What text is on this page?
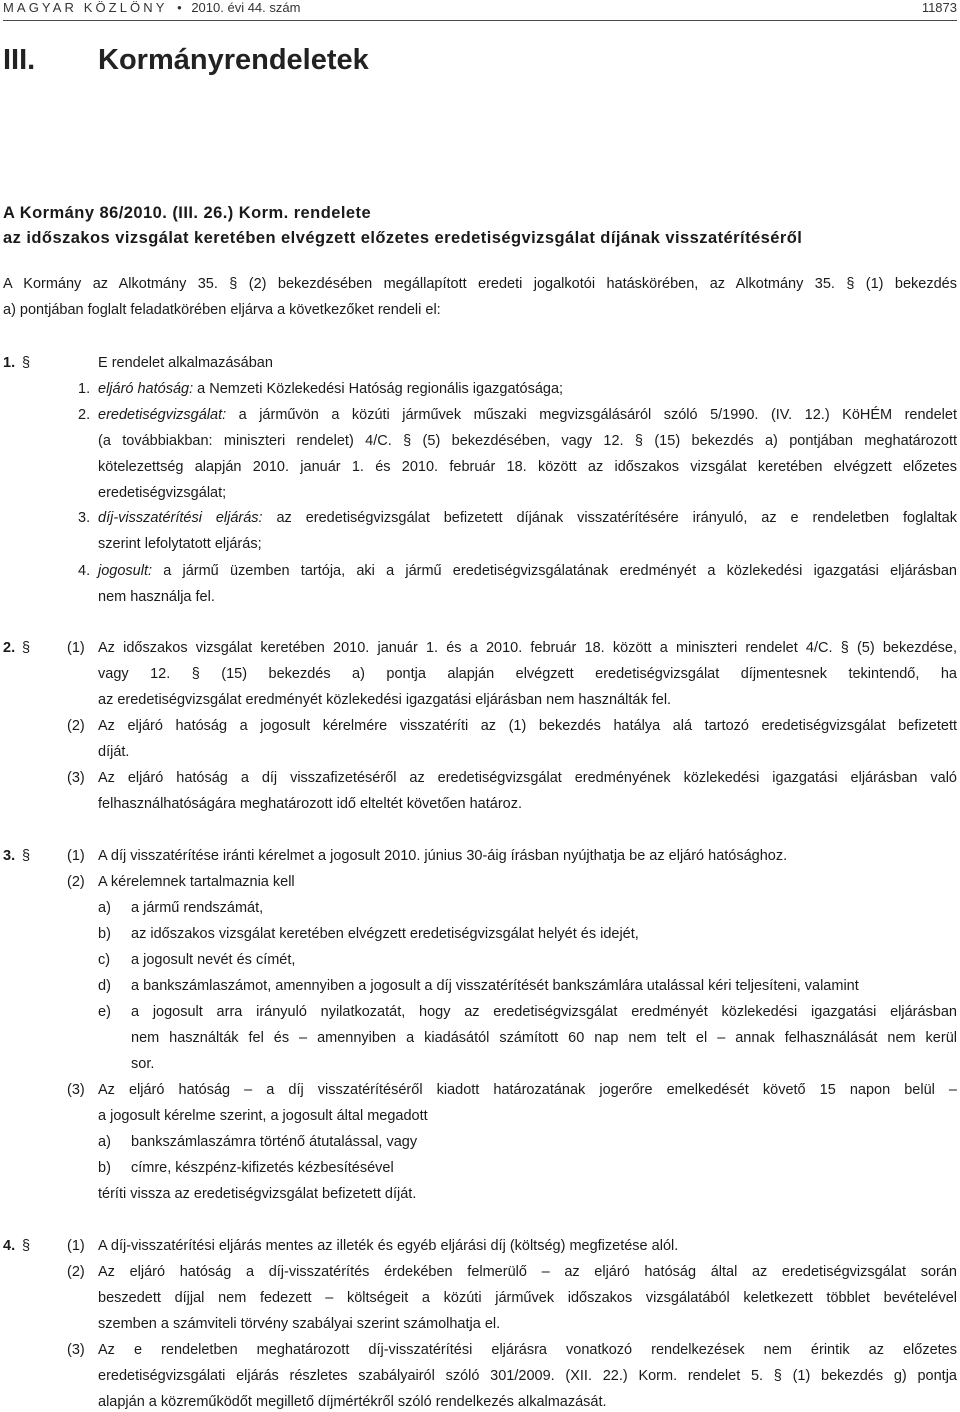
MAGYAR KÖZLÖNY • 2010. évi 44. szám	11873
III. Kormányrendeletek
A Kormány 86/2010. (III. 26.) Korm. rendelete
az időszakos vizsgálat keretében elvégzett előzetes eredetiségvizsgálat díjának visszatérítéséről
A Kormány az Alkotmány 35. § (2) bekezdésében megállapított eredeti jogalkotói hatáskörében, az Alkotmány 35. § (1) bekezdés
a) pontjában foglalt feladatkörében eljárva a következőket rendeli el:
1. §	E rendelet alkalmazásában
1. eljáró hatóság: a Nemzeti Közlekedési Hatóság regionális igazgatósága;
2. eredetiségvizsgálat: a járművön a közúti járművek műszaki megvizsgálásáról szóló 5/1990. (IV. 12.) KöHÉM rendelet
(a továbbiakban: miniszteri rendelet) 4/C. § (5) bekezdésében, vagy 12. § (15) bekezdés a) pontjában meghatározott
kötelezettség alapján 2010. január 1. és 2010. február 18. között az időszakos vizsgálat keretében elvégzett előzetes
eredetiségvizsgálat;
3. díj-visszatérítési eljárás: az eredetiségvizsgálat befizetett díjának visszatérítésére irányuló, az e rendeletben foglaltak
szerint lefolytatott eljárás;
4. jogosult: a jármű üzemben tartója, aki a jármű eredetiségvizsgálatának eredményét a közlekedési igazgatási eljárásban
nem használja fel.
2. §	(1) Az időszakos vizsgálat keretében 2010. január 1. és a 2010. február 18. között a miniszteri rendelet 4/C. § (5) bekezdése,
vagy 12. § (15) bekezdés a) pontja alapján elvégzett eredetiségvizsgálat díjmentesnek tekintendő, ha
az eredetiségvizsgálat eredményét közlekedési igazgatási eljárásban nem használták fel.
(2) Az eljáró hatóság a jogosult kérelmére visszatéríti az (1) bekezdés hatálya alá tartozó eredetiségvizsgálat befizetett
díját.
(3) Az eljáró hatóság a díj visszafizetéséről az eredetiségvizsgálat eredményének közlekedési igazgatási eljárásban való
felhasználhatóságára meghatározott idő elteltét követően határoz.
3. §	(1) A díj visszatérítése iránti kérelmet a jogosult 2010. június 30-áig írásban nyújthatja be az eljáró hatósághoz.
(2) A kérelemnek tartalmaznia kell
a) a jármű rendszámát,
b) az időszakos vizsgálat keretében elvégzett eredetiségvizsgálat helyét és idejét,
c) a jogosult nevét és címét,
d) a bankszámlaszámot, amennyiben a jogosult a díj visszatérítését bankszámlára utalással kéri teljesíteni, valamint
e) a jogosult arra irányuló nyilatkozatát, hogy az eredetiségvizsgálat eredményét közlekedési igazgatási eljárásban
nem használták fel és – amennyiben a kiadásától számított 60 nap nem telt el – annak felhasználását nem kerül
sor.
(3) Az eljáró hatóság – a díj visszatérítéséről kiadott határozatának jogerőre emelkedését követő 15 napon belül –
a jogosult kérelme szerint, a jogosult által megadott
a) bankszámlaszámra történő átutalással, vagy
b) címre, készpénz-kifizetés kézbesítésével
téríti vissza az eredetiségvizsgálat befizetett díját.
4. §	(1) A díj-visszatérítési eljárás mentes az illeték és egyéb eljárási díj (költség) megfizetése alól.
(2) Az eljáró hatóság a díj-visszatérítés érdekében felmerülő – az eljáró hatóság által az eredetiségvizsgálat során
beszedett díjjal nem fedezett – költségeit a közúti járművek időszakos vizsgálatából keletkezett többlet bevételével
szemben a számviteli törvény szabályai szerint számolhatja el.
(3) Az e rendeletben meghatározott díj-visszatérítési eljárásra vonatkozó rendelkezések nem érintik az előzetes
eredetiségvizsgálati eljárás részletes szabályairól szóló 301/2009. (XII. 22.) Korm. rendelet 5. § (1) bekezdés g) pontja
alapján a közreműködőt megillető díjmértékről szóló rendelkezés alkalmazását.
